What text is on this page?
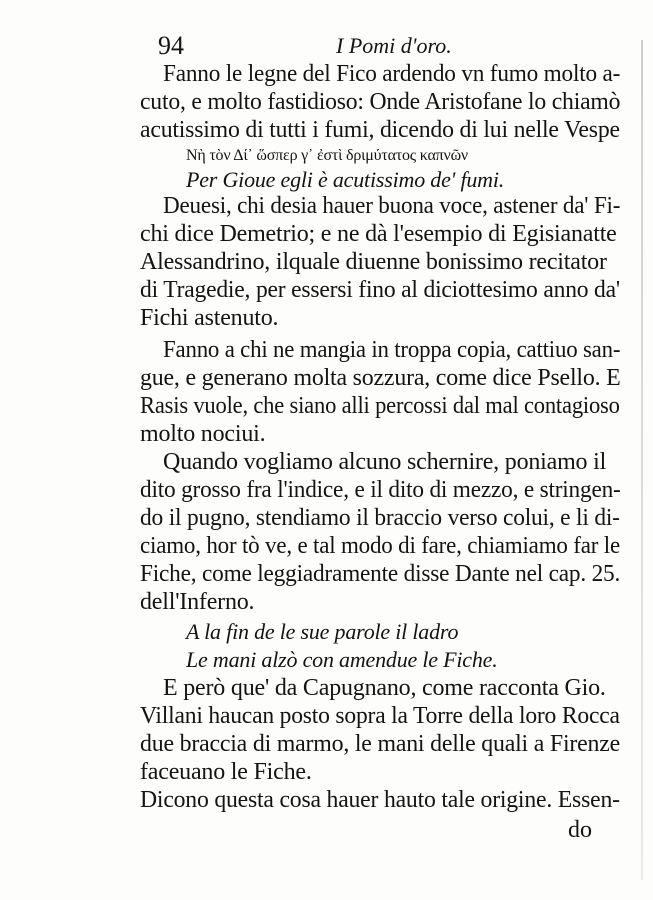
94	I Pomi d'oro.
Fanno le legne del Fico ardendo vn fumo molto a-
cuto, e molto fastidioso: Onde Aristofane lo chiamò
acutissimo di tutti i fumi, dicendo di lui nelle Vespe
Νὴ τὸν Δί᾽ ὥσπερ γ᾽ ἐστὶ δριμύτατος καπνῶν
Per Gioue egli è acutissimo de' fumi.
Deuesi, chi desia hauer buona voce, astener da' Fi-
chi dice Demetrio; e ne dà l'esempio di Egisianatte
Alessandrino, ilquale diuenne bonissimo recitator
di Tragedie, per essersi fino al diciottesimo anno da'
Fichi astenuto.
Fanno a chi ne mangia in troppa copia, cattiuo san-
gue, e generano molta sozzura, come dice Psello. E
Rasis vuole, che siano alli percossi dal mal contagioso
molto nociui.
Quando vogliamo alcuno schernire, poniamo il
dito grosso fra l'indice, e il dito di mezzo, e stringen-
do il pugno, stendiamo il braccio verso colui, e li di-
ciamo, hor tò ve, e tal modo di fare, chiamiamo far le
Fiche, come leggiadramente disse Dante nel cap. 25.
dell'Inferno.
A la fin de le sue parole il ladro
Le mani alzò con amendue le Fiche.
E però que' da Capugnano, come racconta Gio.
Villani haucan posto sopra la Torre della loro Rocca
due braccia di marmo, le mani delle quali a Firenze
faceuano le Fiche.
Dicono questa cosa hauer hauto tale origine. Essen-
do
